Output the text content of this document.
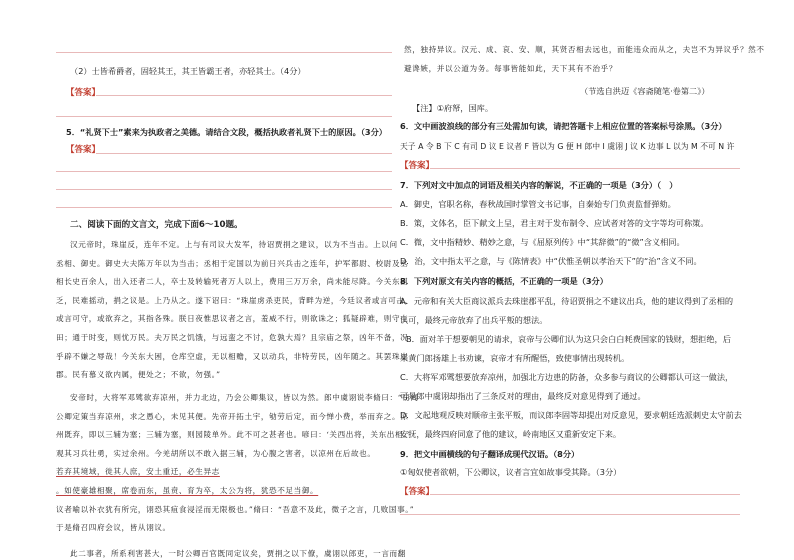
（2）士皆希爵者，固轻其王，其王皆霸王者，亦轻其士。（4分）
【答案】
5．“礼贤下士”素来为执政者之美德。请结合文段，概括执政者礼贤下士的原因。（3分）
【答案】
二、阅读下面的文言文，完成下面6～10题。
汉元帝时，珠崖反，连年不定。上与有司议大发军，待诏贾捐之建议，以为不当击。上以问
丞相、御史。御史大夫陈万年以为当击；丞相于定国以为前日兴兵击之连年，护军都尉、校尉及丞
相长史百余人，出入还者二人，卒士及转输死者万人以上，费用三万万余，尚未能尽降。今关东困
乏，民难摇动，捐之议是。上乃从之。遂下诏曰：“珠崖虏杀吏民，背畔为逆，今廷议者或言可击，
或言可守，或欲弃之，其指各殊。朕日夜惟思议者之言，羞威不行，则欲诛之；狐疑辟难，则守屯
田；通于时变，则忧万民。夫万民之饥饿，与远蛮之不讨，危孰大焉？且宗庙之祭，凶年不备，况
乎辟不嫌之辱哉！今关东大困，仓库空虚，无以相赡，又以动兵，非特劳民，凶年随之。其罢珠崖
郡。民有慕义欲内属，便处之；不欲，勿强。”
安帝时，大将军邓骘欲弃凉州，并力北边，乃会公卿集议，皆以为然。郎中虞诩说李脩曰：“窃闻
公卿定策当弃凉州，求之愚心，未见其便。先帝开拓土宇，劬劳后定，而今惮小费，举而弃之。凉
州既弃，即以三辅为塞；三辅为塞，则园陵单外。此不可之甚者也。喭曰：‘关西出将，关东出相。’
观其习兵壮勇，实过余州。今羌胡所以不敢入据三辅，为心腹之害者，以凉州在后故也。
若弃其境域，徙其人庶，安土重迁，必生异志
。如使豪雄相聚，席卷而东，虽贲、育为卒，太公为将，犹恐不足当御。
议者喻以补衣犹有所完，诩恐其疽食浸淫而无限极也。”脩曰：“吾意不及此，微子之言，几败国事。”
于是脩召四府会议，皆从诩议。
此二事者，所系利害甚大，一时公卿百官既同定议矣，贾捐之以下僚，虞诩以郎吏，一言而翻
然，独持异议。汉元、成、哀、安、顺，其贤否相去远也，而能违众而从之，夫岂不为异议乎？然不
避谗嫉，并以公道为务。每事皆能如此，天下其有不治乎？
（节选自洪迈《容斋随笔·卷第二》）
【注】①府帑，国库。
6．文中画波浪线的部分有三处需加句读，请把答题卡上相应位置的答案标号涂黑。（3分）
天子 A 令 B 下 C 有司 D 议 E 议者 F 皆以为 G 便 H 郎中 I 虞诩 J 议 K 边事 L 以为 M 不可 N 许
【答案】
7．下列对文中加点的词语及相关内容的解说，不正确的一项是（3分）（　）
A．御史，官职名称，春秋战国时掌管文书记事，自秦始专门负责监督弹劾。
B．策，文体名，臣下献文上呈，君主对于发布制令、应试者对答的文字等均可称策。
C．微，文中指精妙、精妙之意，与《屈原列传》中“其辞微”的“微”含义相同。
D．治，文中指太平之意，与《陈情表》中“伏惟圣朝以孝治天下”的“治”含义不同。
8．下列对原文有关内容的概括，不正确的一项是（3分）
A．元帝和有关大臣商议派兵去珠崖郡平乱，待诏贾捐之不建议出兵，他的建议得到了丞相的
认可，最终元帝放弃了出兵平叛的想法。
B．面对羊于想要朝见的请求，哀帝与公卿们认为这只会白白耗费国家的钱财，想拒绝，后
来黄门郎扬雄上书劝谏，哀帝才有所醒悟，致使事情出现转机。
C．大将军邓骘想要放弃凉州，加强北方边患的防备，众多参与商议的公卿都认可这一做法，
可是郎中虞诩却指出了三条反对的理由，最终反对意见得到了通过。
D．文起地观反映对顺帝主张平叛，而议郎李固等却提出对反意见，要求朝廷选派刺史太守前去
安抚，最终四府同意了他的建议，岭南地区又重新安定下来。
9．把文中画横线的句子翻译成现代汉语。（8分）
①匈奴使者欲朝，下公卿议，议者言宜如故事受其降。（3分）
【答案】
